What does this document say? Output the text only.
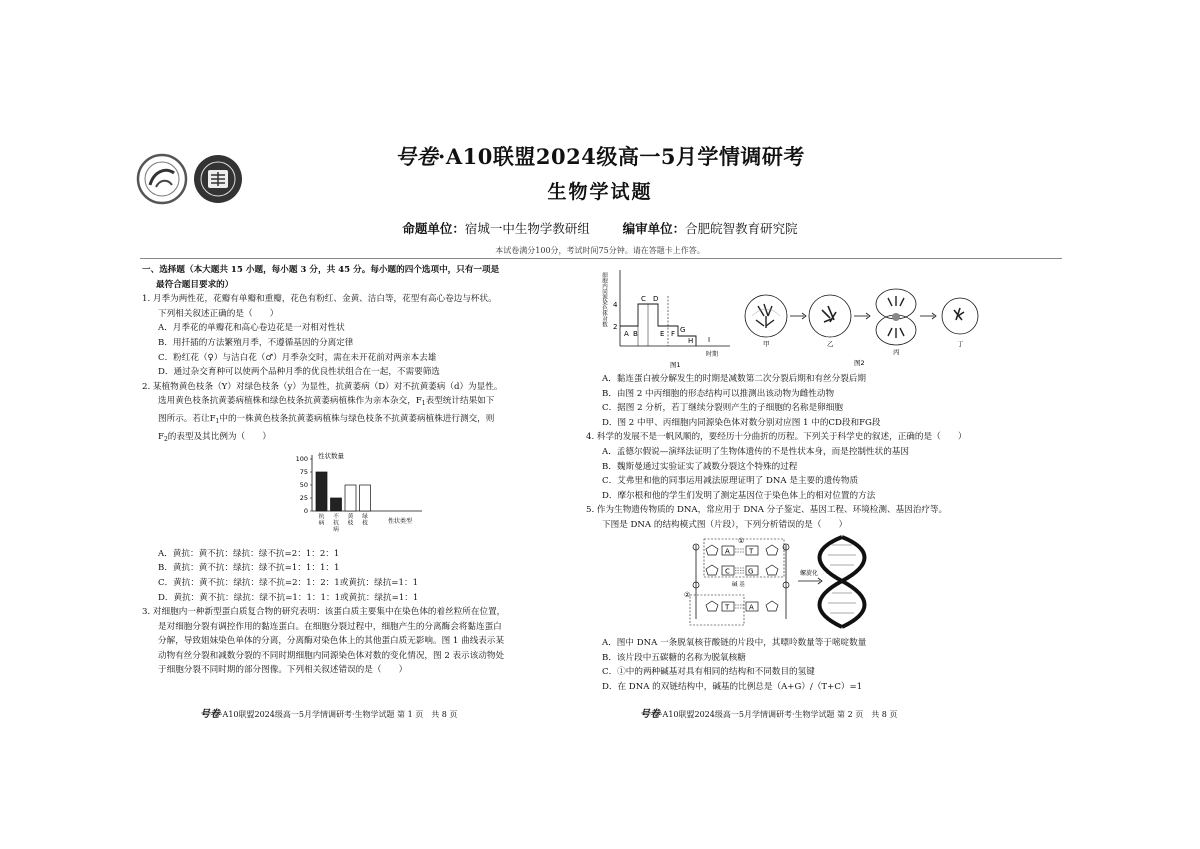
号卷·A10联盟2024级高一5月学情调研考
生物学试题
命题单位：宿城一中生物学教研组	编审单位：合肥皖智教育研究院
本试卷满分100分，考试时间75分钟。请在答题卡上作答。
一、选择题（本大题共 15 小题，每小题 3 分，共 45 分。每小题的四个选项中，只有一项是
最符合题目要求的）
1. 月季为两性花，花瓣有单瓣和重瓣，花色有粉红、金黄、洁白等，花型有高心卷边与杯状。
下列相关叙述正确的是（　　）
A．月季花的单瓣花和高心卷边花是一对相对性状
B．用扦插的方法繁殖月季，不遵循基因的分离定律
C．粉红花（♀）与洁白花（♂）月季杂交时，需在未开花前对两亲本去雄
D．通过杂交育种可以使两个品种月季的优良性状组合在一起，不需要筛选
2. 某植物黄色枝条（Y）对绿色枝条（y）为显性，抗黄萎病（D）对不抗黄萎病（d）为显性。
选用黄色枝条抗黄萎病植株和绿色枝条抗黄萎病植株作为亲本杂交，$F_1$表型统计结果如下
图所示。若让$F_1$中的一株黄色枝条抗黄萎病植株与绿色枝条不抗黄萎病植株进行测交，则
$F_2$的表型及其比例为（　　）
0
25
50
75
100
抗
病
不
抗
病
黄
枝
绿
枝
性状数量
性状类型
A．黄抗：黄不抗：绿抗：绿不抗=2：1：2：1
B．黄抗：黄不抗：绿抗：绿不抗=1：1：1：1
C．黄抗：黄不抗：绿抗：绿不抗=2：1：2：1或黄抗：绿抗=1：1
D．黄抗：黄不抗：绿抗：绿不抗=1：1：1：1或黄抗：绿抗=1：1
3. 对细胞内一种新型蛋白质复合物的研究表明：该蛋白质主要集中在染色体的着丝粒所在位置，
是对细胞分裂有调控作用的黏连蛋白。在细胞分裂过程中，细胞产生的分离酶会将黏连蛋白
分解，导致姐妹染色单体的分离，分离酶对染色体上的其他蛋白质无影响。图 1 曲线表示某
动物有丝分裂和减数分裂的不同时期细胞内同源染色体对数的变化情况，图 2 表示该动物处
于细胞分裂不同时期的部分图像。下列相关叙述错误的是（　　）
细胞内同源染色体对数 4
2
A B
C D
E F G
H I
时期
图1
甲	乙
丙
丁
图2
A．黏连蛋白被分解发生的时期是减数第二次分裂后期和有丝分裂后期
B．由图 2 中丙细胞的形态结构可以推测出该动物为雌性动物
C．据图 2 分析，若丁继续分裂则产生的子细胞的名称是卵细胞
D．图 2 中甲、丙细胞内同源染色体对数分别对应图 1 中的CD段和FG段
4. 科学的发展不是一帆风顺的，要经历十分曲折的历程。下列关于科学史的叙述，正确的是（　　）
A．孟德尔假说—演绎法证明了生物体遗传的不是性状本身，而是控制性状的基因
B．魏斯曼通过实验证实了减数分裂这个特殊的过程
C．艾弗里和他的同事运用减法原理证明了 DNA 是主要的遗传物质
D．摩尔根和他的学生们发明了测定基因位于染色体上的相对位置的方法
5. 作为生物遗传物质的 DNA，常应用于 DNA 分子鉴定、基因工程、环境检测、基因治疗等。
下图是 DNA 的结构模式图（片段），下列分析错误的是（　　）
A	T
C	G
T	A
①
②
碱 基
螺旋化
A．图中 DNA 一条脱氧核苷酸链的片段中，其嘌呤数量等于嘧啶数量
B．该片段中五碳糖的名称为脱氧核糖
C．①中的两种碱基对具有相同的结构和不同数目的氢键
D．在 DNA 的双链结构中，碱基的比例总是（A+G）/（T+C）=1
号卷·A10联盟2024级高一5月学情调研考·生物学试题 第 1 页　共 8 页	号卷·A10联盟2024级高一5月学情调研考·生物学试题 第 2 页　共 8 页
